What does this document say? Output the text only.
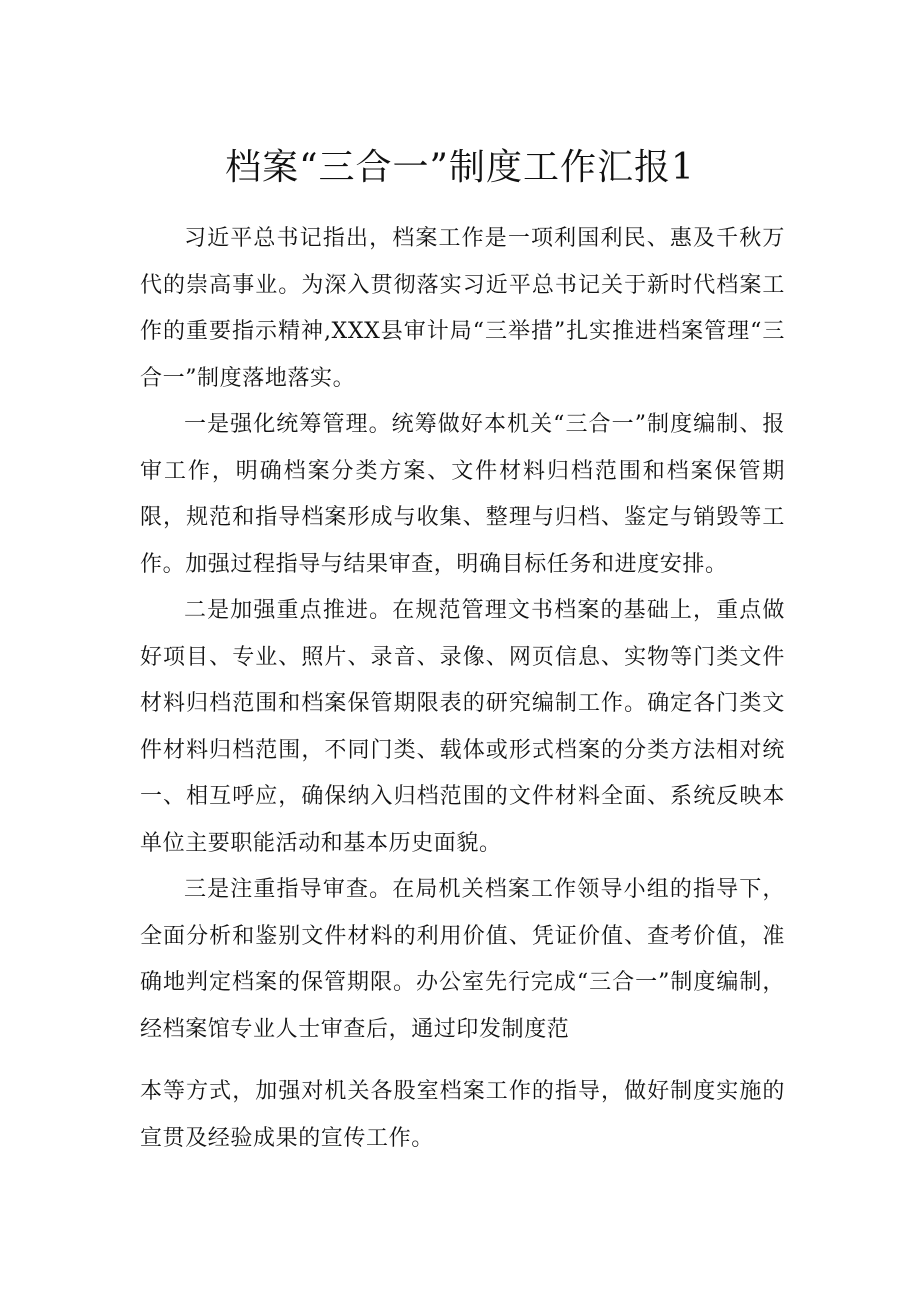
档案“三合一”制度工作汇报1

习近平总书记指出，档案工作是一项利国利民、惠及千秋万代的崇高事业。为深入贯彻落实习近平总书记关于新时代档案工作的重要指示精神,XXX县审计局“三举措”扎实推进档案管理“三合一”制度落地落实。

一是强化统筹管理。统筹做好本机关“三合一”制度编制、报审工作，明确档案分类方案、文件材料归档范围和档案保管期限，规范和指导档案形成与收集、整理与归档、鉴定与销毁等工作。加强过程指导与结果审查，明确目标任务和进度安排。

二是加强重点推进。在规范管理文书档案的基础上，重点做好项目、专业、照片、录音、录像、网页信息、实物等门类文件材料归档范围和档案保管期限表的研究编制工作。确定各门类文件材料归档范围，不同门类、载体或形式档案的分类方法相对统一、相互呼应，确保纳入归档范围的文件材料全面、系统反映本单位主要职能活动和基本历史面貌。

三是注重指导审查。在局机关档案工作领导小组的指导下，全面分析和鉴别文件材料的利用价值、凭证价值、查考价值，准确地判定档案的保管期限。办公室先行完成“三合一”制度编制，经档案馆专业人士审查后，通过印发制度范

本等方式，加强对机关各股室档案工作的指导，做好制度实施的宣贯及经验成果的宣传工作。
